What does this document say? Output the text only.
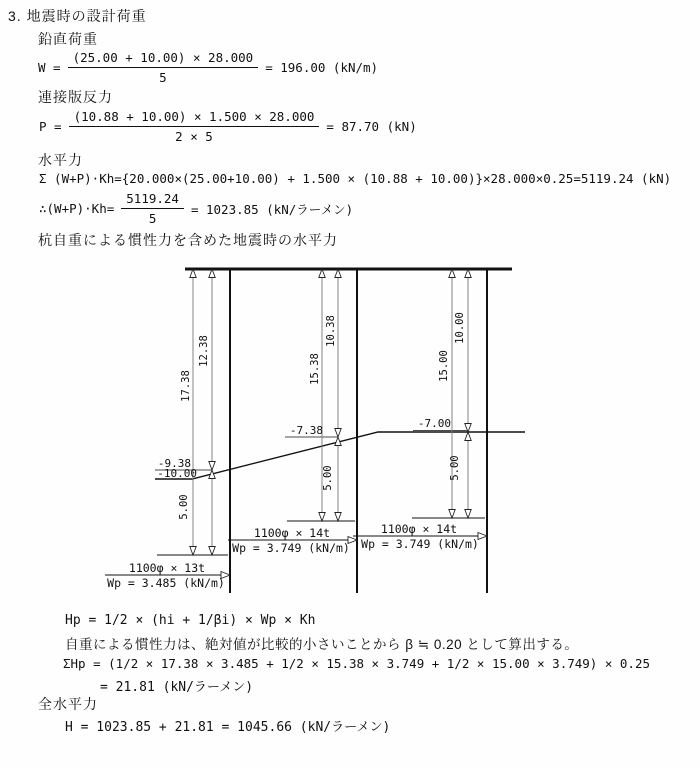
3. 地震時の設計荷重
鉛直荷重
$W = \frac{(25.00 + 10.00) \times 28.000}{5} = 196.00$ (kN/m)
連接版反力
$P = \frac{(10.88 + 10.00) \times 1.500 \times 28.000}{2 \times 5} = 87.70$ (kN)
水平力
Σ (W+P)·Kh={20.000×(25.00+10.00) + 1.500 × (10.88 + 10.00)}×28.000×0.25=5119.24 (kN)
∴(W+P)·Kh= $\frac{5119.24}{5} = 1023.85$ (kN/ラーメン)
杭自重による慣性力を含めた地震時の水平力
17.38
12.38
5.00
15.38
10.38
5.00
15.00
10.00
5.00
-9.38
-10.00
-7.38
-7.00
1100φ × 13t
Wp = 3.485 (kN/m)
1100φ × 14t
Wp = 3.749 (kN/m)
1100φ × 14t
Wp = 3.749 (kN/m)
Hp = 1/2 × (hi + 1/βi) × Wp × Kh
自重による慣性力は、絶対値が比較的小さいことから β ≒ 0.20 として算出する。
ΣHp = (1/2 × 17.38 × 3.485 + 1/2 × 15.38 × 3.749 + 1/2 × 15.00 × 3.749) × 0.25
= 21.81 (kN/ラーメン)
全水平力
H = 1023.85 + 21.81 = 1045.66 (kN/ラーメン)
